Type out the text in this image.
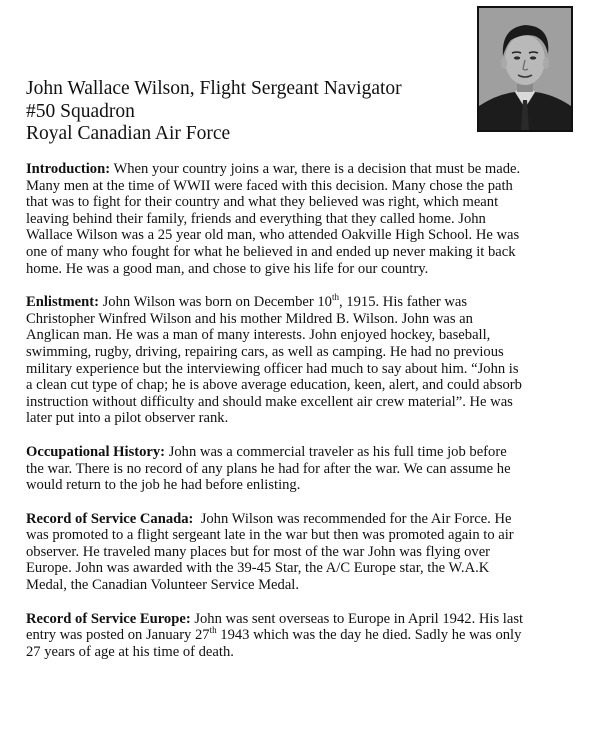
John Wallace Wilson, Flight Sergeant Navigator
#50 Squadron
Royal Canadian Air Force
Introduction: When your country joins a war, there is a decision that must be made.
Many men at the time of WWII were faced with this decision. Many chose the path
that was to fight for their country and what they believed was right, which meant
leaving behind their family, friends and everything that they called home. John
Wallace Wilson was a 25 year old man, who attended Oakville High School. He was
one of many who fought for what he believed in and ended up never making it back
home. He was a good man, and chose to give his life for our country.
Enlistment: John Wilson was born on December 10th, 1915. His father was
Christopher Winfred Wilson and his mother Mildred B. Wilson. John was an
Anglican man. He was a man of many interests. John enjoyed hockey, baseball,
swimming, rugby, driving, repairing cars, as well as camping. He had no previous
military experience but the interviewing officer had much to say about him. “John is
a clean cut type of chap; he is above average education, keen, alert, and could absorb
instruction without difficulty and should make excellent air crew material”. He was
later put into a pilot observer rank.
Occupational History: John was a commercial traveler as his full time job before
the war. There is no record of any plans he had for after the war. We can assume he
would return to the job he had before enlisting.
Record of Service Canada:  John Wilson was recommended for the Air Force. He
was promoted to a flight sergeant late in the war but then was promoted again to air
observer. He traveled many places but for most of the war John was flying over
Europe. John was awarded with the 39-45 Star, the A/C Europe star, the W.A.K
Medal, the Canadian Volunteer Service Medal.
Record of Service Europe: John was sent overseas to Europe in April 1942. His last
entry was posted on January 27th 1943 which was the day he died. Sadly he was only
27 years of age at his time of death.
